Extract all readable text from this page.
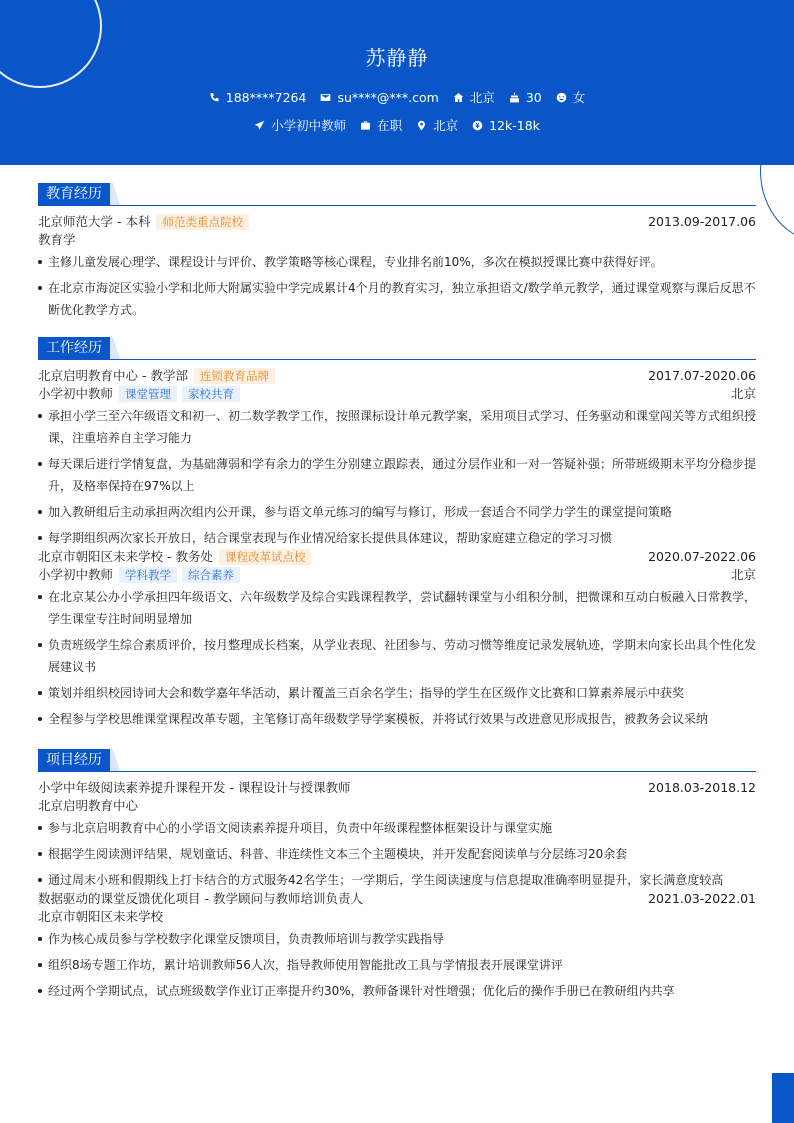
苏静静
188****7264 su****@***.com 北京 30 女
小学初中教师 在职 北京 12k-18k
教育经历
北京师范大学 - 本科	师范类重点院校	2013.09-2017.06
教育学
主修儿童发展心理学、课程设计与评价、教学策略等核心课程，专业排名前10%，多次在模拟授课比赛中获得好评。
在北京市海淀区实验小学和北师大附属实验中学完成累计4个月的教育实习，独立承担语文/数学单元教学，通过课堂观察与课后反思不断优化教学方式。
工作经历
北京启明教育中心 - 教学部	连锁教育品牌	2017.07-2020.06
小学初中教师	课堂管理	家校共育	北京
承担小学三至六年级语文和初一、初二数学教学工作，按照课标设计单元教学案，采用项目式学习、任务驱动和课堂闯关等方式组织授课，注重培养自主学习能力
每天课后进行学情复盘，为基础薄弱和学有余力的学生分别建立跟踪表，通过分层作业和一对一答疑补强；所带班级期末平均分稳步提升，及格率保持在97%以上
加入教研组后主动承担两次组内公开课，参与语文单元练习的编写与修订，形成一套适合不同学力学生的课堂提问策略
每学期组织两次家长开放日，结合课堂表现与作业情况给家长提供具体建议，帮助家庭建立稳定的学习习惯
北京市朝阳区未来学校 - 教务处	课程改革试点校	2020.07-2022.06
小学初中教师	学科教学	综合素养	北京
在北京某公办小学承担四年级语文、六年级数学及综合实践课程教学，尝试翻转课堂与小组积分制，把微课和互动白板融入日常教学，学生课堂专注时间明显增加
负责班级学生综合素质评价，按月整理成长档案，从学业表现、社团参与、劳动习惯等维度记录发展轨迹，学期末向家长出具个性化发展建议书
策划并组织校园诗词大会和数学嘉年华活动，累计覆盖三百余名学生；指导的学生在区级作文比赛和口算素养展示中获奖
全程参与学校思维课堂课程改革专题，主笔修订高年级数学导学案模板，并将试行效果与改进意见形成报告，被教务会议采纳
项目经历
小学中年级阅读素养提升课程开发 - 课程设计与授课教师	2018.03-2018.12
北京启明教育中心
参与北京启明教育中心的小学语文阅读素养提升项目，负责中年级课程整体框架设计与课堂实施
根据学生阅读测评结果，规划童话、科普、非连续性文本三个主题模块，并开发配套阅读单与分层练习20余套
通过周末小班和假期线上打卡结合的方式服务42名学生；一学期后，学生阅读速度与信息提取准确率明显提升，家长满意度较高
数据驱动的课堂反馈优化项目 - 教学顾问与教师培训负责人	2021.03-2022.01
北京市朝阳区未来学校
作为核心成员参与学校数字化课堂反馈项目，负责教师培训与教学实践指导
组织8场专题工作坊，累计培训教师56人次，指导教师使用智能批改工具与学情报表开展课堂讲评
经过两个学期试点，试点班级数学作业订正率提升约30%，教师备课针对性增强；优化后的操作手册已在教研组内共享
